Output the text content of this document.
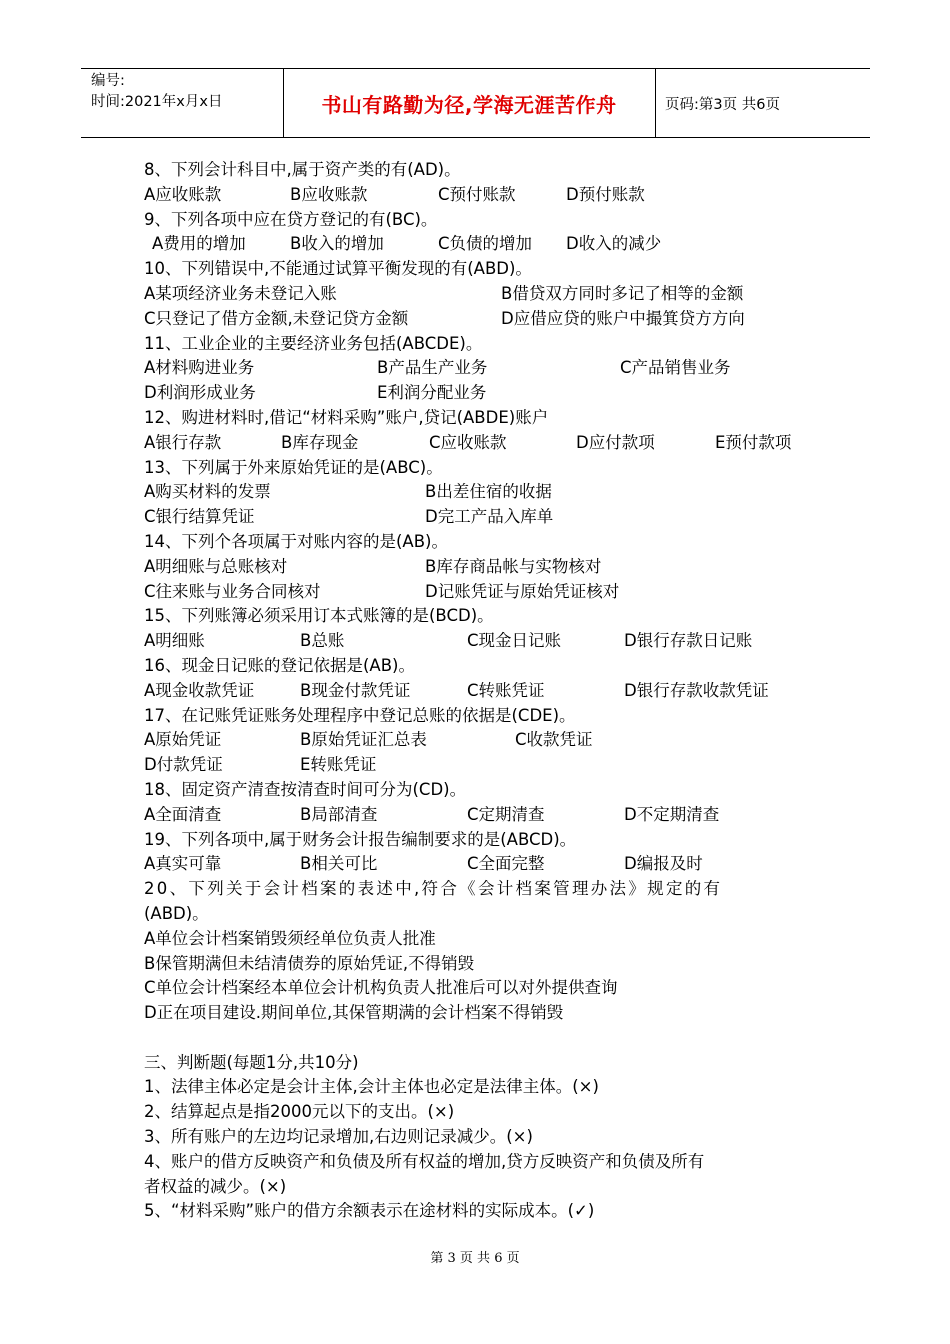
编号:
时间:2021年x月x日	书山有路勤为径,学海无涯苦作舟	页码:第3页 共6页
8、下列会计科目中,属于资产类的有(AD)。
A应收账款	B应收账款	C预付账款	D预付账款
9、下列各项中应在贷方登记的有(BC)。
A费用的增加	B收入的增加	C负债的增加 D收入的减少
10、下列错误中,不能通过试算平衡发现的有(ABD)。
A某项经济业务未登记入账	B借贷双方同时多记了相等的金额
C只登记了借方金额,未登记贷方金额	D应借应贷的账户中撮箕贷方方向
11、工业企业的主要经济业务包括(ABCDE)。
A材料购进业务	B产品生产业务	C产品销售业务
D利润形成业务	E利润分配业务
12、购进材料时,借记“材料采购”账户,贷记(ABDE)账户
A银行存款	B库存现金	C应收账款	D应付款项	E预付款项
13、下列属于外来原始凭证的是(ABC)。
A购买材料的发票	B出差住宿的收据
C银行结算凭证	D完工产品入库单
14、下列个各项属于对账内容的是(AB)。
A明细账与总账核对	B库存商品帐与实物核对
C往来账与业务合同核对	D记账凭证与原始凭证核对
15、下列账簿必须采用订本式账簿的是(BCD)。
A明细账	B总账	C现金日记账	D银行存款日记账
16、现金日记账的登记依据是(AB)。
A现金收款凭证	B现金付款凭证	C转账凭证	D银行存款收款凭证
17、在记账凭证账务处理程序中登记总账的依据是(CDE)。
A原始凭证	B原始凭证汇总表	C收款凭证
D付款凭证	E转账凭证
18、固定资产清查按清查时间可分为(CD)。
A全面清查	B局部清查	C定期清查	D不定期清查
19、下列各项中,属于财务会计报告编制要求的是(ABCD)。
A真实可靠	B相关可比	C全面完整	D编报及时
20、下列关于会计档案的表述中,符合《会计档案管理办法》规定的有
(ABD)。
A单位会计档案销毁须经单位负责人批准
B保管期满但未结清债券的原始凭证,不得销毁
C单位会计档案经本单位会计机构负责人批准后可以对外提供查询
D正在项目建设.期间单位,其保管期满的会计档案不得销毁
三、判断题(每题1分,共10分)
1、法律主体必定是会计主体,会计主体也必定是法律主体。(×)
2、结算起点是指2000元以下的支出。(×)
3、所有账户的左边均记录增加,右边则记录减少。(×)
4、账户的借方反映资产和负债及所有权益的增加,贷方反映资产和负债及所有
者权益的减少。(×)
5、“材料采购”账户的借方余额表示在途材料的实际成本。(✓)
第 3 页 共 6 页
